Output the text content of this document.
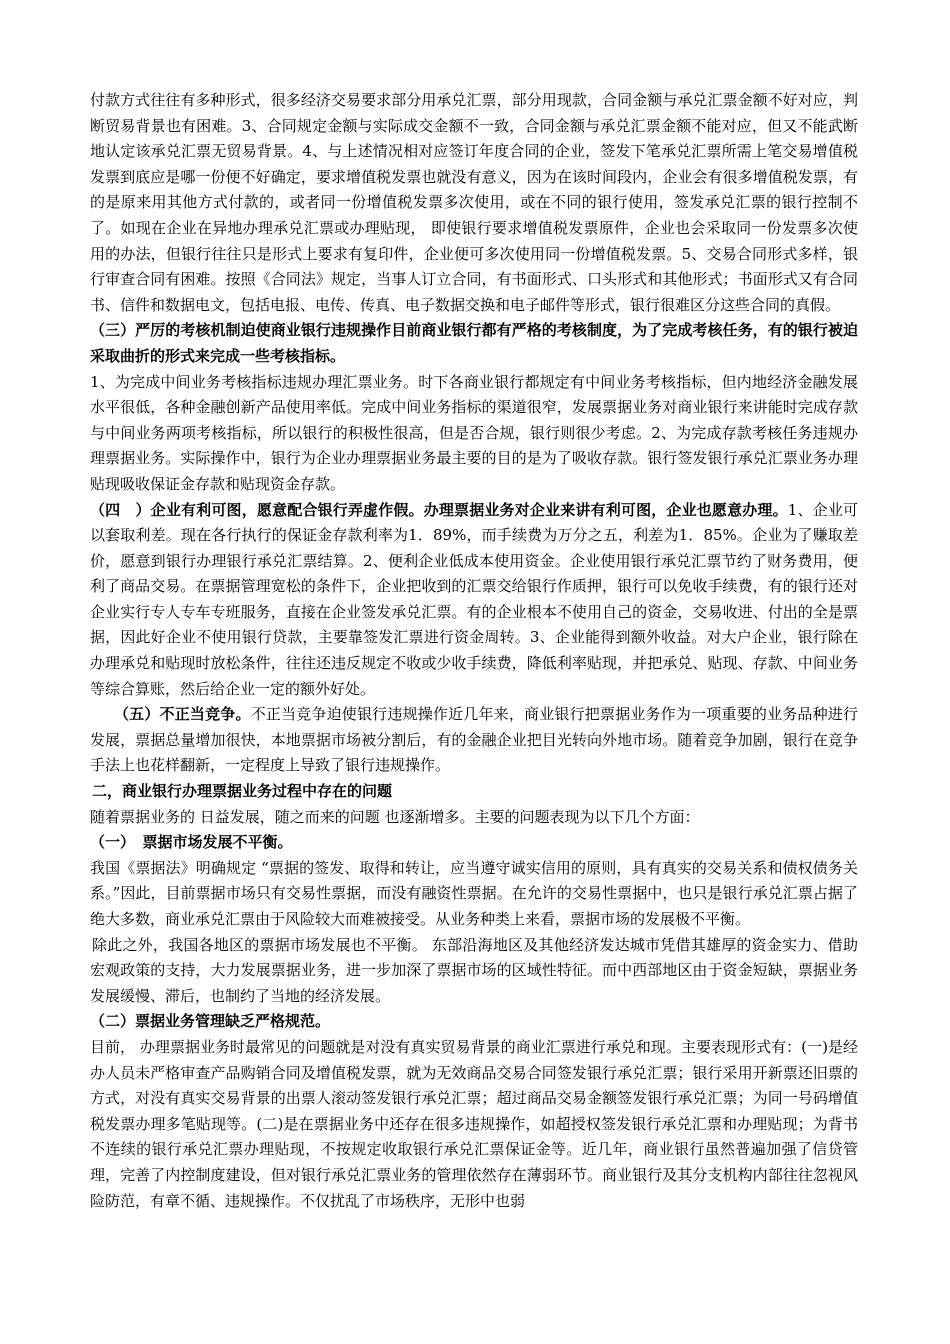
付款方式往往有多种形式，很多经济交易要求部分用承兑汇票，部分用现款，合同金额与承兑汇票金额不好对应，判断贸易背景也有困难。3、合同规定金额与实际成交金额不一致，合同金额与承兑汇票金额不能对应，但又不能武断地认定该承兑汇票无贸易背景。4、与上述情况相对应签订年度合同的企业，签发下笔承兑汇票所需上笔交易增值税发票到底应是哪一份便不好确定，要求增值税发票也就没有意义，因为在该时间段内，企业会有很多增值税发票，有的是原来用其他方式付款的，或者同一份增值税发票多次使用，或在不同的银行使用，签发承兑汇票的银行控制不了。如现在企业在异地办理承兑汇票或办理贴现， 即使银行要求增值税发票原件，企业也会采取同一份发票多次使用的办法，但银行往往只是形式上要求有复印件，企业便可多次使用同一份增值税发票。5、交易合同形式多样，银行审查合同有困难。按照《合同法》规定，当事人订立合同，有书面形式、口头形式和其他形式；书面形式又有合同书、信件和数据电文，包括电报、电传、传真、电子数据交换和电子邮件等形式，银行很难区分这些合同的真假。

（三）严厉的考核机制迫使商业银行违规操作目前商业银行都有严格的考核制度，为了完成考核任务，有的银行被迫采取曲折的形式来完成一些考核指标。

1、为完成中间业务考核指标违规办理汇票业务。时下各商业银行都规定有中间业务考核指标，但内地经济金融发展水平很低，各种金融创新产品使用率低。完成中间业务指标的渠道很窄，发展票据业务对商业银行来讲能时完成存款与中间业务两项考核指标，所以银行的积极性很高，但是否合规，银行则很少考虑。2、为完成存款考核任务违规办理票据业务。实际操作中，银行为企业办理票据业务最主要的目的是为了吸收存款。银行签发银行承兑汇票业务办理贴现吸收保证金存款和贴现资金存款。

（四　）企业有利可图，愿意配合银行弄虚作假。办理票据业务对企业来讲有利可图，企业也愿意办理。1、企业可以套取利差。现在各行执行的保证金存款利率为1．89%，而手续费为万分之五，利差为1．85%。企业为了赚取差价，愿意到银行办理银行承兑汇票结算。2、便利企业低成本使用资金。企业使用银行承兑汇票节约了财务费用，便利了商品交易。在票据管理宽松的条件下，企业把收到的汇票交给银行作质押，银行可以免收手续费，有的银行还对企业实行专人专车专班服务，直接在企业签发承兑汇票。有的企业根本不使用自己的资金，交易收进、付出的全是票据，因此好企业不使用银行贷款，主要靠签发汇票进行资金周转。3、企业能得到额外收益。对大户企业，银行除在办理承兑和贴现时放松条件，往往还违反规定不收或少收手续费，降低利率贴现，并把承兑、贴现、存款、中间业务等综合算账，然后给企业一定的额外好处。

（五）不正当竞争。不正当竞争迫使银行违规操作近几年来，商业银行把票据业务作为一项重要的业务品种进行发展，票据总量增加很快，本地票据市场被分割后，有的金融企业把目光转向外地市场。随着竞争加剧，银行在竞争手法上也花样翻新，一定程度上导致了银行违规操作。

二，商业银行办理票据业务过程中存在的问题

随着票据业务的 日益发展，随之而来的问题 也逐渐增多。主要的问题表现为以下几个方面：

（一）　票据市场发展不平衡。

我国《票据法》明确规定 “票据的签发、取得和转让，应当遵守诚实信用的原则，具有真实的交易关系和债权债务关系。”因此，目前票据市场只有交易性票据，而没有融资性票据。在允许的交易性票据中，也只是银行承兑汇票占据了绝大多数，商业承兑汇票由于风险较大而难被接受。从业务种类上来看，票据市场的发展极不平衡。

除此之外，我国各地区的票据市场发展也不平衡。 东部沿海地区及其他经济发达城市凭借其雄厚的资金实力、借助宏观政策的支持，大力发展票据业务，进一步加深了票据市场的区域性特征。而中西部地区由于资金短缺，票据业务发展缓慢、滞后，也制约了当地的经济发展。

（二）票据业务管理缺乏严格规范。

目前， 办理票据业务时最常见的问题就是对没有真实贸易背景的商业汇票进行承兑和现。主要表现形式有：(一)是经办人员未严格审查产品购销合同及增值税发票，就为无效商品交易合同签发银行承兑汇票；银行采用开新票还旧票的方式，对没有真实交易背景的出票人滚动签发银行承兑汇票；超过商品交易金额签发银行承兑汇票；为同一号码增值税发票办理多笔贴现等。(二)是在票据业务中还存在很多违规操作，如超授权签发银行承兑汇票和办理贴现；为背书不连续的银行承兑汇票办理贴现，不按规定收取银行承兑汇票保证金等。近几年，商业银行虽然普遍加强了信贷管理，完善了内控制度建设，但对银行承兑汇票业务的管理依然存在薄弱环节。商业银行及其分支机构内部往往忽视风险防范，有章不循、违规操作。不仅扰乱了市场秩序，无形中也弱
